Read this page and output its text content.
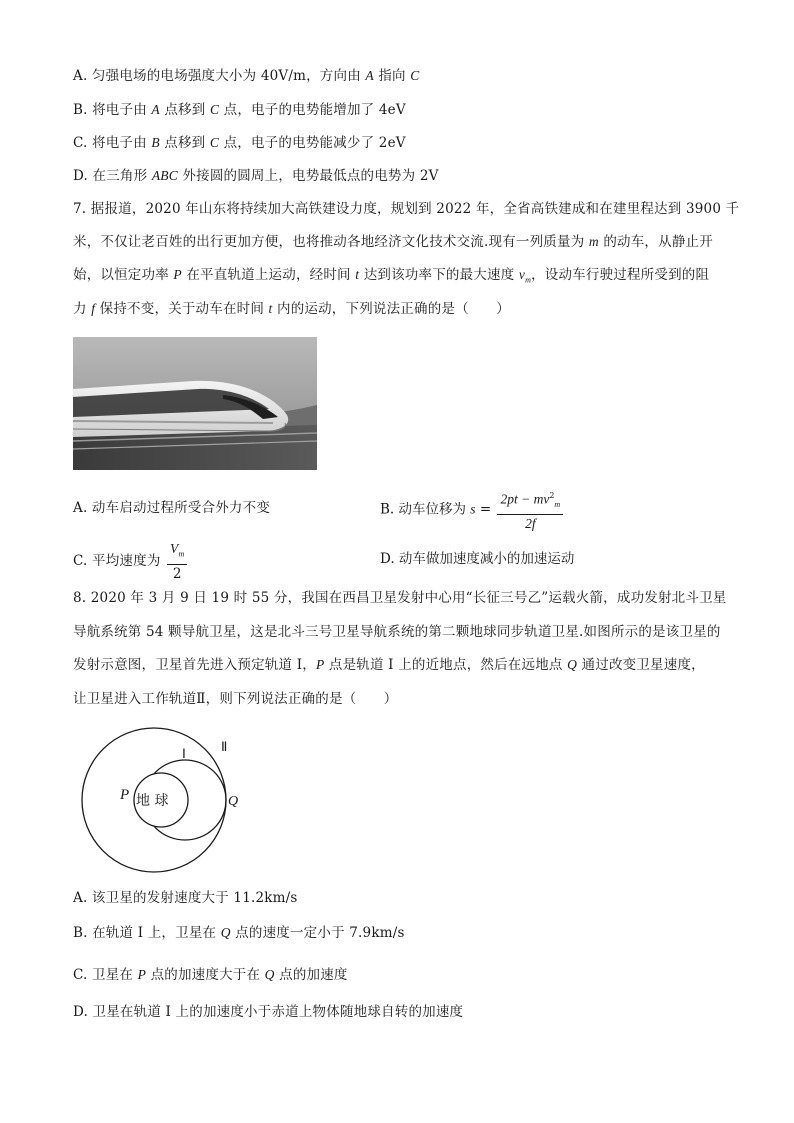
A. 匀强电场的电场强度大小为 40V/m，方向由 A 指向 C
B. 将电子由 A 点移到 C 点，电子的电势能增加了 4eV
C. 将电子由 B 点移到 C 点，电子的电势能减少了 2eV
D. 在三角形 ABC 外接圆的圆周上，电势最低点的电势为 2V
7. 据报道，2020 年山东将持续加大高铁建设力度，规划到 2022 年，全省高铁建成和在建里程达到 3900 千
米，不仅让老百姓的出行更加方便，也将推动各地经济文化技术交流.现有一列质量为 m 的动车，从静止开
始，以恒定功率 P 在平直轨道上运动，经时间 t 达到该功率下的最大速度 $v_m$，设动车行驶过程所受到的阻
力 f 保持不变，关于动车在时间 t 内的运动，下列说法正确的是（　　）
A. 动车启动过程所受合外力不变	B. 动车位移为 $s = \frac{2pt - mv^2_m}{2f}$
C. 平均速度为 $\frac{V_m}{2}$	D. 动车做加速度减小的加速运动
8. 2020 年 3 月 9 日 19 时 55 分，我国在西昌卫星发射中心用“长征三号乙”运载火箭，成功发射北斗卫星
导航系统第 54 颗导航卫星，这是北斗三号卫星导航系统的第二颗地球同步轨道卫星.如图所示的是该卫星的
发射示意图，卫星首先进入预定轨道 Ⅰ，P 点是轨道 Ⅰ 上的近地点，然后在远地点 Q 通过改变卫星速度，
让卫星进入工作轨道Ⅱ，则下列说法正确的是（　　）
Ⅰ	Ⅱ
P	Q
地 球
A. 该卫星的发射速度大于 11.2km/s
B. 在轨道 Ⅰ 上，卫星在 Q 点的速度一定小于 7.9km/s
C. 卫星在 P 点的加速度大于在 Q 点的加速度
D. 卫星在轨道 Ⅰ 上的加速度小于赤道上物体随地球自转的加速度
